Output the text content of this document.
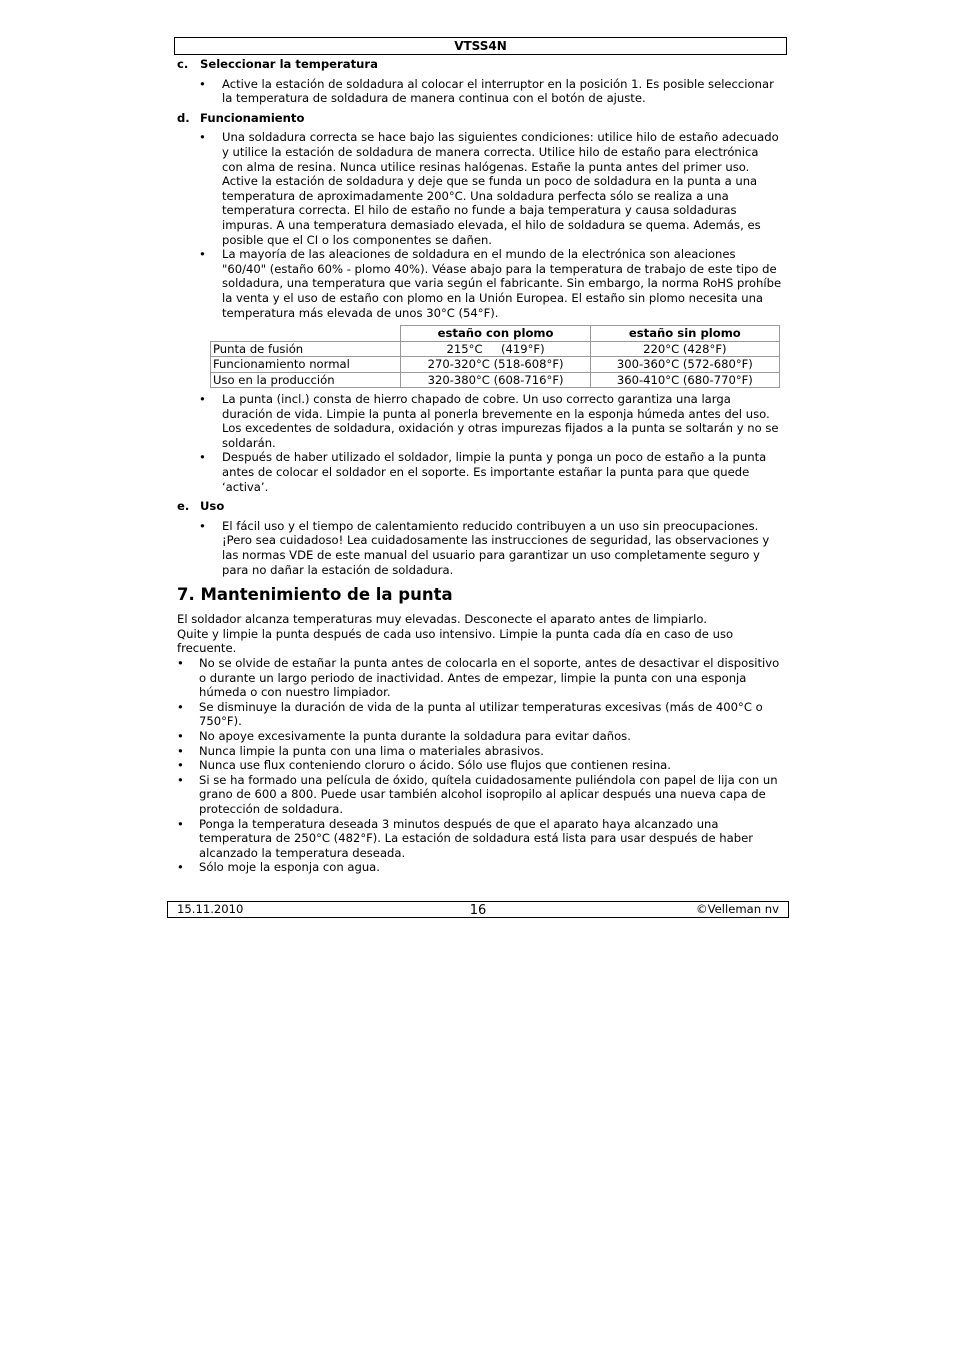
VTSS4N
c.	Seleccionar la temperatura
• Active la estación de soldadura al colocar el interruptor en la posición 1. Es posible seleccionar la temperatura de soldadura de manera continua con el botón de ajuste.
d. Funcionamiento
• Una soldadura correcta se hace bajo las siguientes condiciones: utilice hilo de estaño adecuado y utilice la estación de soldadura de manera correcta. Utilice hilo de estaño para electrónica con alma de resina. Nunca utilice resinas halógenas. Estañe la punta antes del primer uso. Active la estación de soldadura y deje que se funda un poco de soldadura en la punta a una temperatura de aproximadamente 200°C. Una soldadura perfecta sólo se realiza a una temperatura correcta. El hilo de estaño no funde a baja temperatura y causa soldaduras impuras. A una temperatura demasiado elevada, el hilo de soldadura se quema. Además, es posible que el CI o los componentes se dañen.
• La mayoría de las aleaciones de soldadura en el mundo de la electrónica son aleaciones "60/40" (estaño 60% - plomo 40%). Véase abajo para la temperatura de trabajo de este tipo de soldadura, una temperatura que varia según el fabricante. Sin embargo, la norma RoHS prohíbe la venta y el uso de estaño con plomo en la Unión Europea. El estaño sin plomo necesita una temperatura más elevada de unos 30°C (54°F).
	estaño con plomo	estaño sin plomo
Punta de fusión	215°C     (419°F)	220°C (428°F)
Funcionamiento normal	270-320°C (518-608°F)	300-360°C (572-680°F)
Uso en la producción	320-380°C (608-716°F)	360-410°C (680-770°F)
• La punta (incl.) consta de hierro chapado de cobre. Un uso correcto garantiza una larga duración de vida. Limpie la punta al ponerla brevemente en la esponja húmeda antes del uso. Los excedentes de soldadura, oxidación y otras impurezas fijados a la punta se soltarán y no se soldarán.
• Después de haber utilizado el soldador, limpie la punta y ponga un poco de estaño a la punta antes de colocar el soldador en el soporte. Es importante estañar la punta para que quede ‘activa’.
e. Uso
• El fácil uso y el tiempo de calentamiento reducido contribuyen a un uso sin preocupaciones. ¡Pero sea cuidadoso! Lea cuidadosamente las instrucciones de seguridad, las observaciones y las normas VDE de este manual del usuario para garantizar un uso completamente seguro y para no dañar la estación de soldadura.
7. Mantenimiento de la punta

El soldador alcanza temperaturas muy elevadas. Desconecte el aparato antes de limpiarlo.

Quite y limpie la punta después de cada uso intensivo. Limpie la punta cada día en caso de uso frecuente.

• No se olvide de estañar la punta antes de colocarla en el soporte, antes de desactivar el dispositivo o durante un largo periodo de inactividad. Antes de empezar, limpie la punta con una esponja húmeda o con nuestro limpiador.
• Se disminuye la duración de vida de la punta al utilizar temperaturas excesivas (más de 400°C o 750°F).
• No apoye excesivamente la punta durante la soldadura para evitar daños.
• Nunca limpie la punta con una lima o materiales abrasivos.
• Nunca use flux conteniendo cloruro o ácido. Sólo use flujos que contienen resina.
• Si se ha formado una película de óxido, quítela cuidadosamente puliéndola con papel de lija con un grano de 600 a 800. Puede usar también alcohol isopropilo al aplicar después una nueva capa de protección de soldadura.
• Ponga la temperatura deseada 3 minutos después de que el aparato haya alcanzado una temperatura de 250°C (482°F). La estación de soldadura está lista para usar después de haber alcanzado la temperatura deseada.
• Sólo moje la esponja con agua.
15.11.2010	16	©Velleman nv
